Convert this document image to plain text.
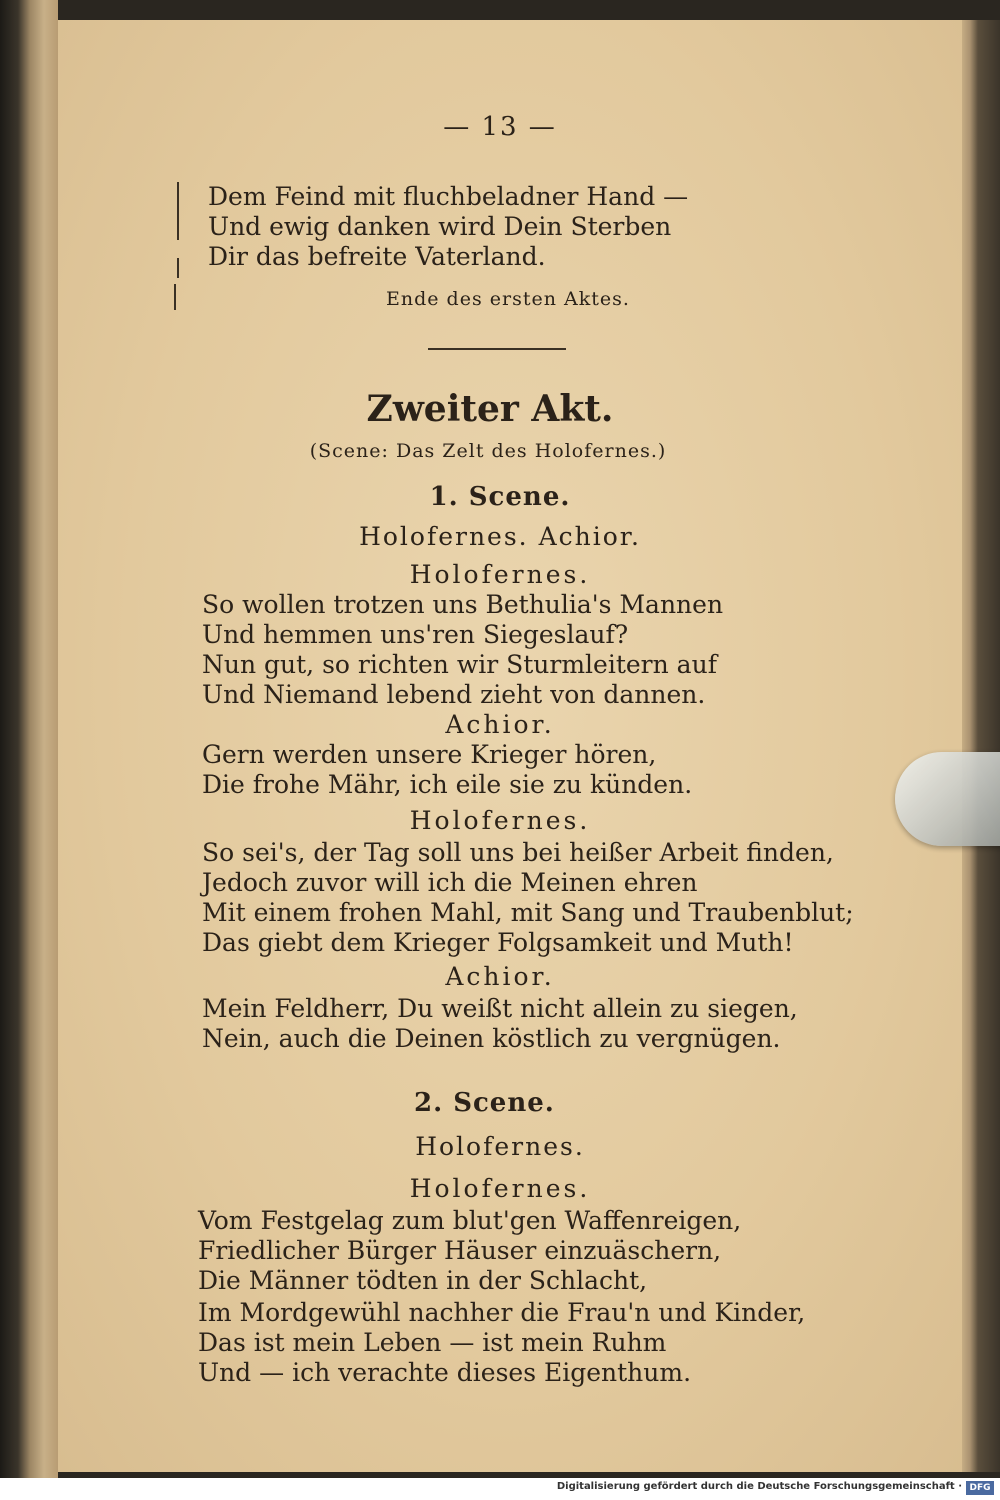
— 13 —
Dem Feind mit fluchbeladner Hand —
Und ewig danken wird Dein Sterben
Dir das befreite Vaterland.
Ende des ersten Aktes.
Zweiter Akt.
(Scene: Das Zelt des Holofernes.)
1. Scene.
Holofernes. Achior.
Holofernes.
So wollen trotzen uns Bethulia's Mannen
Und hemmen uns'ren Siegeslauf?
Nun gut, so richten wir Sturmleitern auf
Und Niemand lebend zieht von dannen.
Achior.
Gern werden unsere Krieger hören,
Die frohe Mähr, ich eile sie zu künden.
Holofernes.
So sei's, der Tag soll uns bei heißer Arbeit finden,
Jedoch zuvor will ich die Meinen ehren
Mit einem frohen Mahl, mit Sang und Traubenblut;
Das giebt dem Krieger Folgsamkeit und Muth!
Achior.
Mein Feldherr, Du weißt nicht allein zu siegen,
Nein, auch die Deinen köstlich zu vergnügen.
2. Scene.
Holofernes.
Holofernes.
Vom Festgelag zum blut'gen Waffenreigen,
Friedlicher Bürger Häuser einzuäschern,
Die Männer tödten in der Schlacht,
Im Mordgewühl nachher die Frau'n und Kinder,
Das ist mein Leben — ist mein Ruhm
Und — ich verachte dieses Eigenthum.
Digitalisierung gefördert durch die Deutsche Forschungsgemeinschaft · DFG
